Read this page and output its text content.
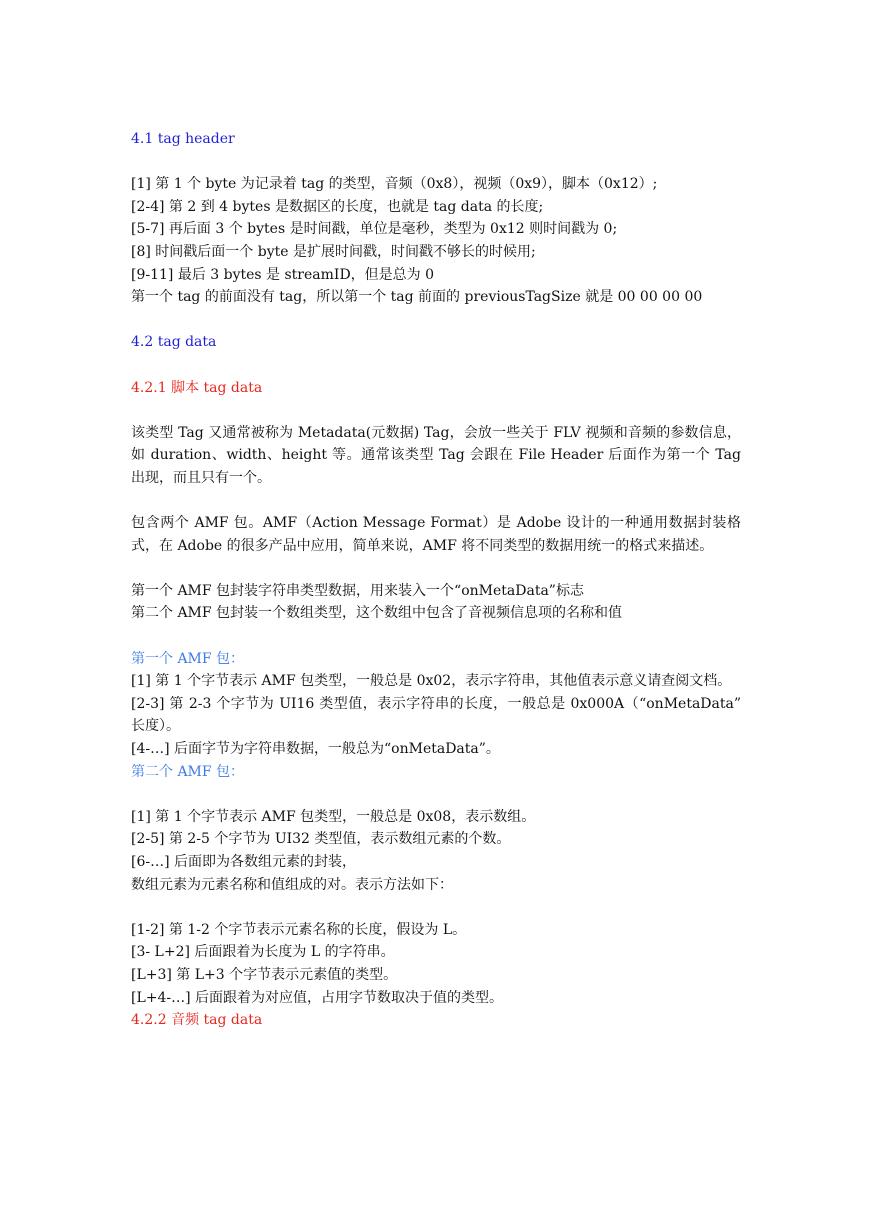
4.1 tag header
[1] 第 1 个 byte 为记录着 tag 的类型，音频（0x8），视频（0x9），脚本（0x12）;
[2-4] 第 2 到 4 bytes 是数据区的长度，也就是 tag data 的长度;
[5-7] 再后面 3 个 bytes 是时间戳，单位是毫秒，类型为 0x12 则时间戳为 0;
[8] 时间戳后面一个 byte 是扩展时间戳，时间戳不够长的时候用;
[9-11] 最后 3 bytes 是 streamID，但是总为 0
第一个 tag 的前面没有 tag，所以第一个 tag 前面的 previousTagSize 就是 00 00 00 00
4.2 tag data
4.2.1 脚本 tag data
该类型 Tag 又通常被称为 Metadata(元数据) Tag，会放一些关于 FLV 视频和音频的参数信息，如 duration、width、height 等。通常该类型 Tag 会跟在 File Header 后面作为第一个 Tag 出现，而且只有一个。
包含两个 AMF 包。AMF（Action Message Format）是 Adobe 设计的一种通用数据封装格式，在 Adobe 的很多产品中应用，简单来说，AMF 将不同类型的数据用统一的格式来描述。
第一个 AMF 包封装字符串类型数据，用来装入一个“onMetaData”标志
第二个 AMF 包封装一个数组类型，这个数组中包含了音视频信息项的名称和值
第一个 AMF 包：
[1] 第 1 个字节表示 AMF 包类型，一般总是 0x02，表示字符串，其他值表示意义请查阅文档。
[2-3] 第 2-3 个字节为 UI16 类型值，表示字符串的长度，一般总是 0x000A（“onMetaData” 长度）。
[4-…] 后面字节为字符串数据，一般总为“onMetaData”。
第二个 AMF 包：
[1] 第 1 个字节表示 AMF 包类型，一般总是 0x08，表示数组。
[2-5] 第 2-5 个字节为 UI32 类型值，表示数组元素的个数。
[6-…] 后面即为各数组元素的封装，
数组元素为元素名称和值组成的对。表示方法如下：
[1-2] 第 1-2 个字节表示元素名称的长度，假设为 L。
[3- L+2] 后面跟着为长度为 L 的字符串。
[L+3] 第 L+3 个字节表示元素值的类型。
[L+4-…] 后面跟着为对应值，占用字节数取决于值的类型。
4.2.2 音频 tag data
